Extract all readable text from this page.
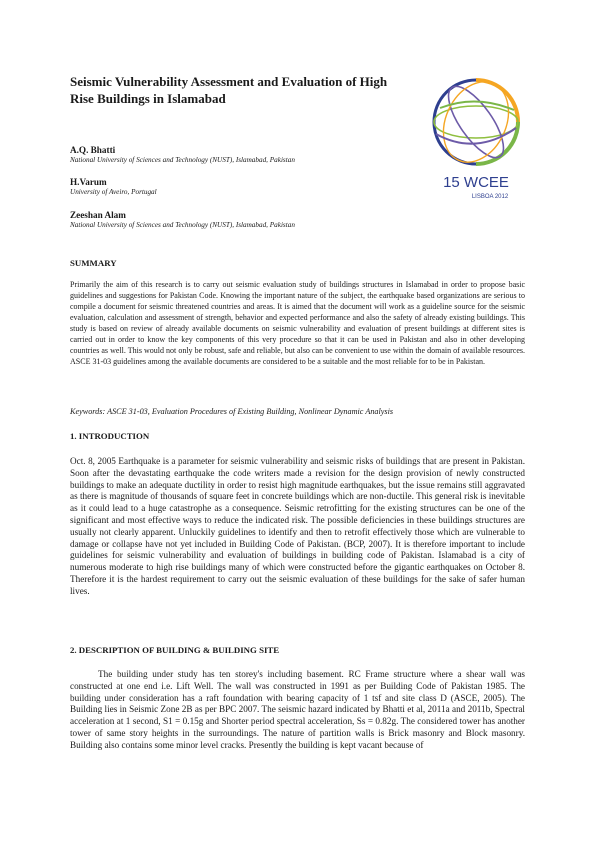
Seismic Vulnerability Assessment and Evaluation of High Rise Buildings in Islamabad
A.Q. Bhatti
National University of Sciences and Technology (NUST), Islamabad, Pakistan
H.Varum
University of Aveiro, Portugal
Zeeshan Alam
National University of Sciences and Technology (NUST), Islamabad, Pakistan
15 WCEE
LISBOA 2012
SUMMARY

Primarily the aim of this research is to carry out seismic evaluation study of buildings structures in Islamabad in order to propose basic guidelines and suggestions for Pakistan Code. Knowing the important nature of the subject, the earthquake based organizations are serious to compile a document for seismic threatened countries and areas. It is aimed that the document will work as a guideline source for the seismic evaluation, calculation and assessment of strength, behavior and expected performance and also the safety of already existing buildings. This study is based on review of already available documents on seismic vulnerability and evaluation of present buildings at different sites is carried out in order to know the key components of this very procedure so that it can be used in Pakistan and also in other developing countries as well. This would not only be robust, safe and reliable, but also can be convenient to use within the domain of available resources. ASCE 31-03 guidelines among the available documents are considered to be a suitable and the most reliable for to be in Pakistan.

Keywords: ASCE 31-03, Evaluation Procedures of Existing Building, Nonlinear Dynamic Analysis
1. INTRODUCTION

Oct. 8, 2005 Earthquake is a parameter for seismic vulnerability and seismic risks of buildings that are present in Pakistan. Soon after the devastating earthquake the code writers made a revision for the design provision of newly constructed buildings to make an adequate ductility in order to resist high magnitude earthquakes, but the issue remains still aggravated as there is magnitude of thousands of square feet in concrete buildings which are non-ductile. This general risk is inevitable as it could lead to a huge catastrophe as a consequence. Seismic retrofitting for the existing structures can be one of the significant and most effective ways to reduce the indicated risk. The possible deficiencies in these buildings structures are usually not clearly apparent. Unluckily guidelines to identify and then to retrofit effectively those which are vulnerable to damage or collapse have not yet included in Building Code of Pakistan. (BCP, 2007). It is therefore important to include guidelines for seismic vulnerability and evaluation of buildings in building code of Pakistan. Islamabad is a city of numerous moderate to high rise buildings many of which were constructed before the gigantic earthquakes on October 8. Therefore it is the hardest requirement to carry out the seismic evaluation of these buildings for the sake of safer human lives.

2. DESCRIPTION OF BUILDING & BUILDING SITE

The building under study has ten storey's including basement. RC Frame structure where a shear wall was constructed at one end i.e. Lift Well. The wall was constructed in 1991 as per Building Code of Pakistan 1985. The building under consideration has a raft foundation with bearing capacity of 1 tsf and site class D (ASCE, 2005). The Building lies in Seismic Zone 2B as per BPC 2007. The seismic hazard indicated by Bhatti et al, 2011a and 2011b, Spectral acceleration at 1 second, S1 = 0.15g and Shorter period spectral acceleration, Ss = 0.82g. The considered tower has another tower of same story heights in the surroundings. The nature of partition walls is Brick masonry and Block masonry. Building also contains some minor level cracks. Presently the building is kept vacant because of
